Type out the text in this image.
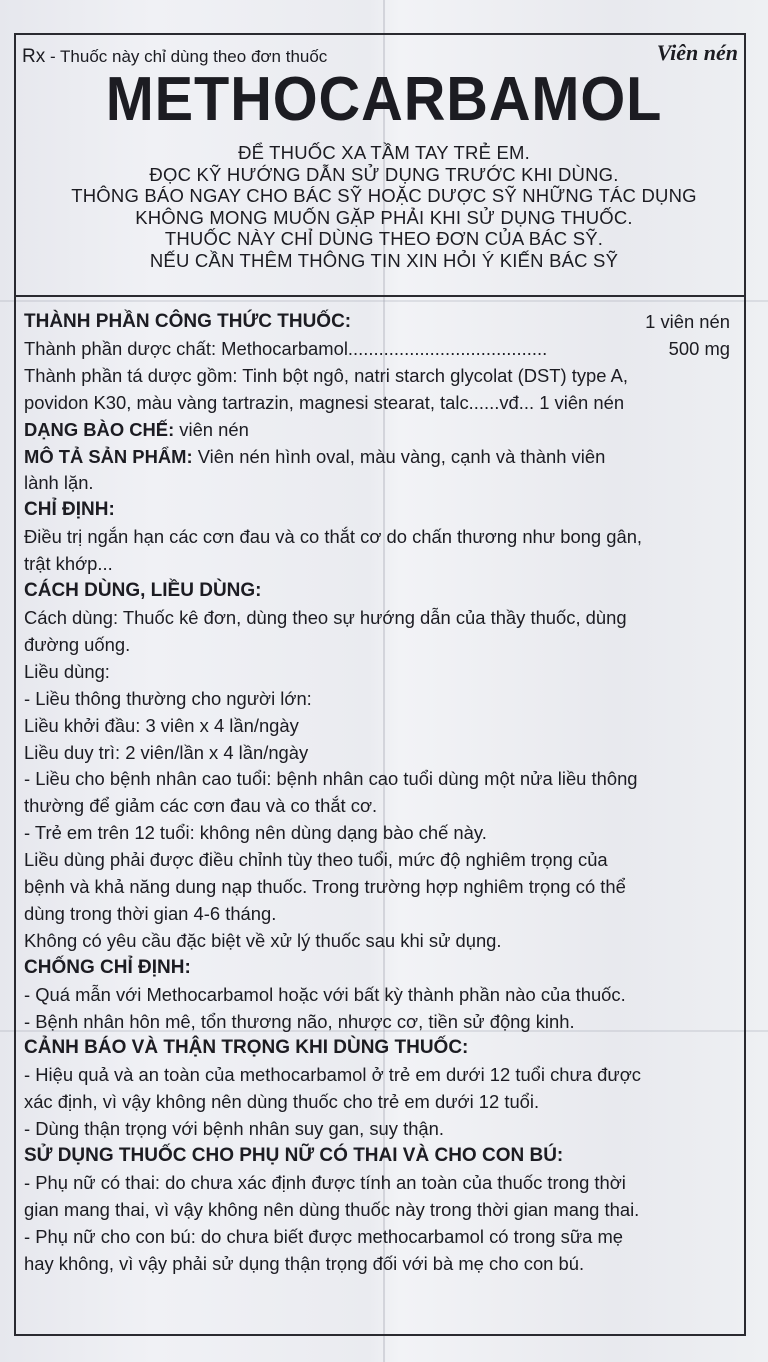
Rx - Thuốc này chỉ dùng theo đơn thuốc	Viên nén
METHOCARBAMOL
ĐỂ THUỐC XA TẦM TAY TRẺ EM.
ĐỌC KỸ HƯỚNG DẪN SỬ DỤNG TRƯỚC KHI DÙNG.
THÔNG BÁO NGAY CHO BÁC SỸ HOẶC DƯỢC SỸ NHỮNG TÁC DỤNG
KHÔNG MONG MUỐN GẶP PHẢI KHI SỬ DỤNG THUỐC.
THUỐC NÀY CHỈ DÙNG THEO ĐƠN CỦA BÁC SỸ.
NẾU CẦN THÊM THÔNG TIN XIN HỎI Ý KIẾN BÁC SỸ
THÀNH PHẦN CÔNG THỨC THUỐC:	1 viên nén
Thành phần dược chất: Methocarbamol.......................................	500 mg
Thành phần tá dược gồm: Tinh bột ngô, natri starch glycolat (DST) type A,
povidon K30, màu vàng tartrazin, magnesi stearat, talc......vđ... 1 viên nén
DẠNG BÀO CHẾ: viên nén
MÔ TẢ SẢN PHẨM: Viên nén hình oval, màu vàng, cạnh và thành viên
lành lặn.
CHỈ ĐỊNH:
Điều trị ngắn hạn các cơn đau và co thắt cơ do chấn thương như bong gân,
trật khớp...
CÁCH DÙNG, LIỀU DÙNG:
Cách dùng: Thuốc kê đơn, dùng theo sự hướng dẫn của thầy thuốc, dùng
đường uống.
Liều dùng:
- Liều thông thường cho người lớn:
Liều khởi đầu: 3 viên x 4 lần/ngày
Liều duy trì: 2 viên/lần x 4 lần/ngày
- Liều cho bệnh nhân cao tuổi: bệnh nhân cao tuổi dùng một nửa liều thông
thường để giảm các cơn đau và co thắt cơ.
- Trẻ em trên 12 tuổi: không nên dùng dạng bào chế này.
Liều dùng phải được điều chỉnh tùy theo tuổi, mức độ nghiêm trọng của
bệnh và khả năng dung nạp thuốc. Trong trường hợp nghiêm trọng có thể
dùng trong thời gian 4-6 tháng.
Không có yêu cầu đặc biệt về xử lý thuốc sau khi sử dụng.
CHỐNG CHỈ ĐỊNH:
- Quá mẫn với Methocarbamol hoặc với bất kỳ thành phần nào của thuốc.
- Bệnh nhân hôn mê, tổn thương não, nhược cơ, tiền sử động kinh.
CẢNH BÁO VÀ THẬN TRỌNG KHI DÙNG THUỐC:
- Hiệu quả và an toàn của methocarbamol ở trẻ em dưới 12 tuổi chưa được
xác định, vì vậy không nên dùng thuốc cho trẻ em dưới 12 tuổi.
- Dùng thận trọng với bệnh nhân suy gan, suy thận.
SỬ DỤNG THUỐC CHO PHỤ NỮ CÓ THAI VÀ CHO CON BÚ:
- Phụ nữ có thai: do chưa xác định được tính an toàn của thuốc trong thời
gian mang thai, vì vậy không nên dùng thuốc này trong thời gian mang thai.
- Phụ nữ cho con bú: do chưa biết được methocarbamol có trong sữa mẹ
hay không, vì vậy phải sử dụng thận trọng đối với bà mẹ cho con bú.
